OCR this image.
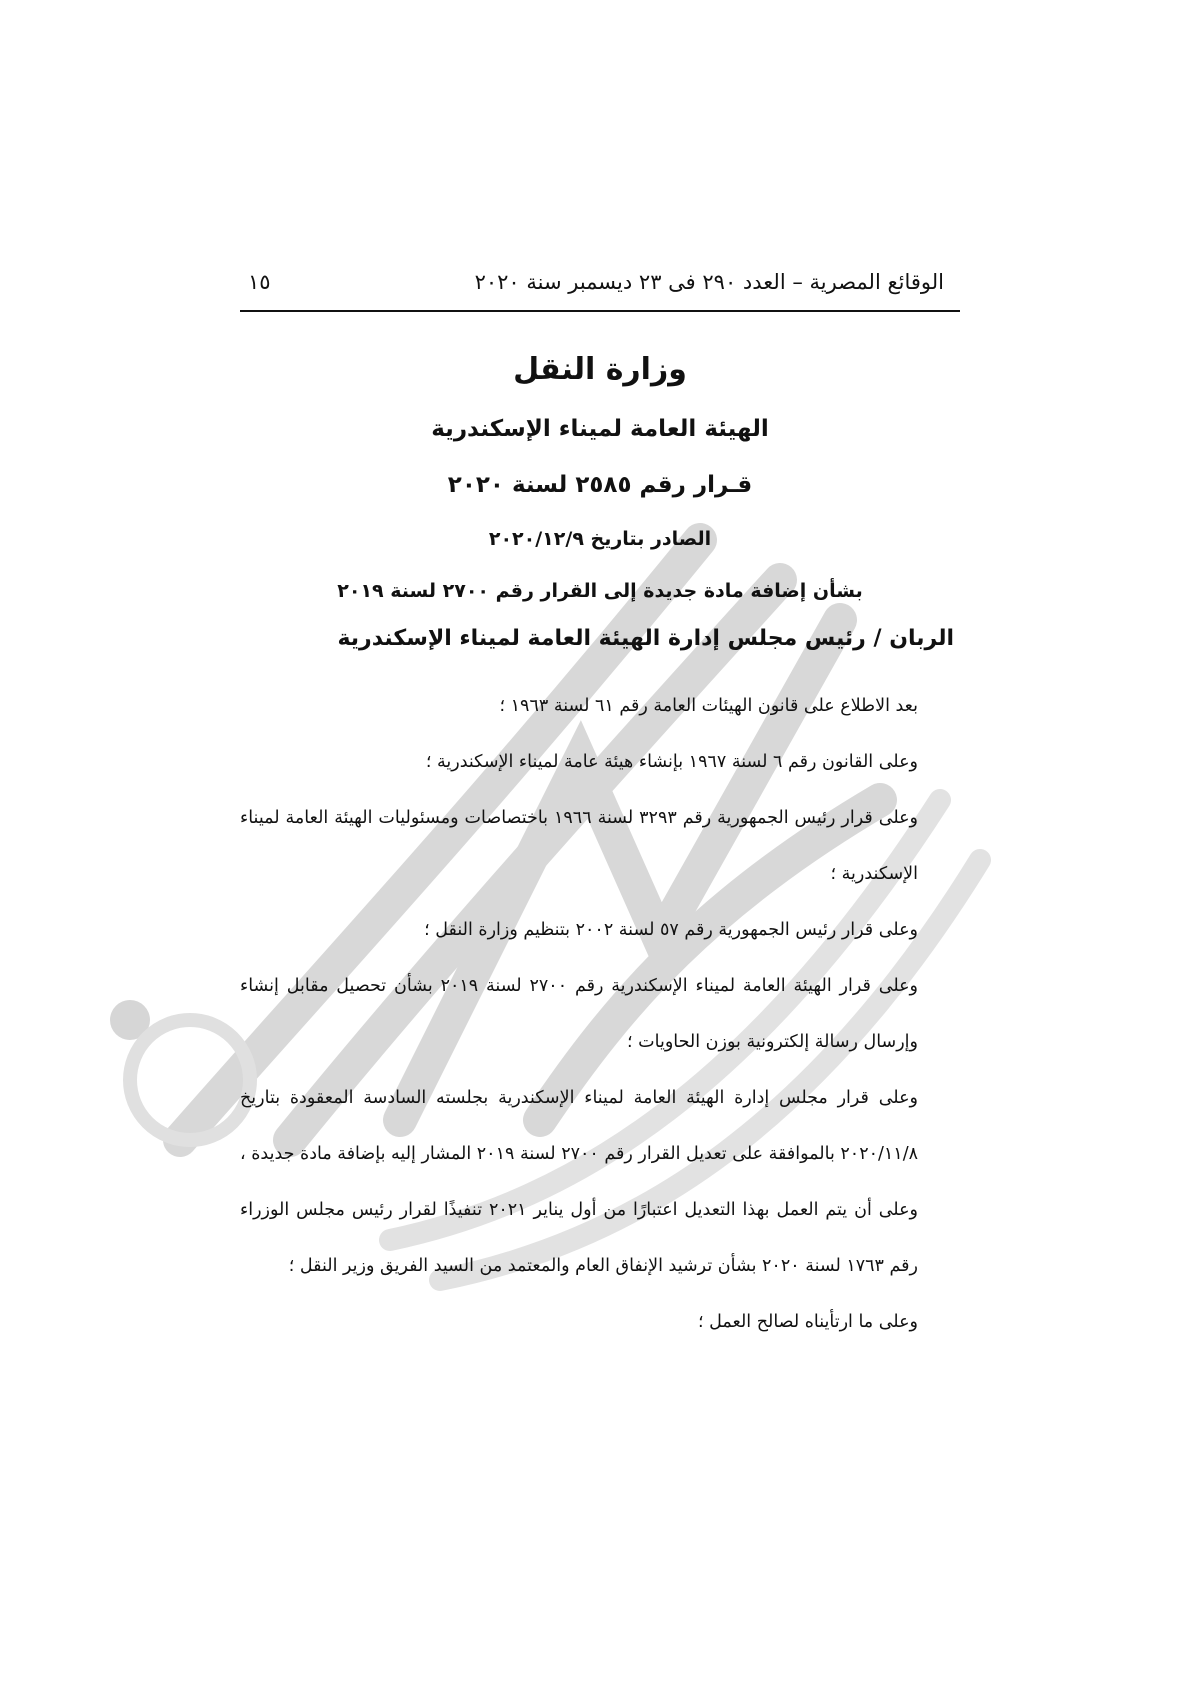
الوقائع المصرية – العدد ٢٩٠ فى ٢٣ ديسمبر سنة ٢٠٢٠
١٥
وزارة النقل
الهيئة العامة لميناء الإسكندرية
قـرار رقم ٢٥٨٥ لسنة ٢٠٢٠
الصادر بتاريخ ٢٠٢٠/١٢/٩
بشأن إضافة مادة جديدة إلى القرار رقم ٢٧٠٠ لسنة ٢٠١٩
الربان / رئيس مجلس إدارة الهيئة العامة لميناء الإسكندرية

بعد الاطلاع على قانون الهيئات العامة رقم ٦١ لسنة ١٩٦٣ ؛

وعلى القانون رقم ٦ لسنة ١٩٦٧ بإنشاء هيئة عامة لميناء الإسكندرية ؛

وعلى قرار رئيس الجمهورية رقم ٣٢٩٣ لسنة ١٩٦٦ باختصاصات ومسئوليات الهيئة العامة لميناء الإسكندرية ؛

وعلى قرار رئيس الجمهورية رقم ٥٧ لسنة ٢٠٠٢ بتنظيم وزارة النقل ؛

وعلى قرار الهيئة العامة لميناء الإسكندرية رقم ٢٧٠٠ لسنة ٢٠١٩ بشأن تحصيل مقابل إنشاء وإرسال رسالة إلكترونية بوزن الحاويات ؛

وعلى قرار مجلس إدارة الهيئة العامة لميناء الإسكندرية بجلسته السادسة المعقودة بتاريخ ٢٠٢٠/١١/٨ بالموافقة على تعديل القرار رقم ٢٧٠٠ لسنة ٢٠١٩ المشار إليه بإضافة مادة جديدة ، وعلى أن يتم العمل بهذا التعديل اعتبارًا من أول يناير ٢٠٢١ تنفيذًا لقرار رئيس مجلس الوزراء رقم ١٧٦٣ لسنة ٢٠٢٠ بشأن ترشيد الإنفاق العام والمعتمد من السيد الفريق وزير النقل ؛

وعلى ما ارتأيناه لصالح العمل ؛
